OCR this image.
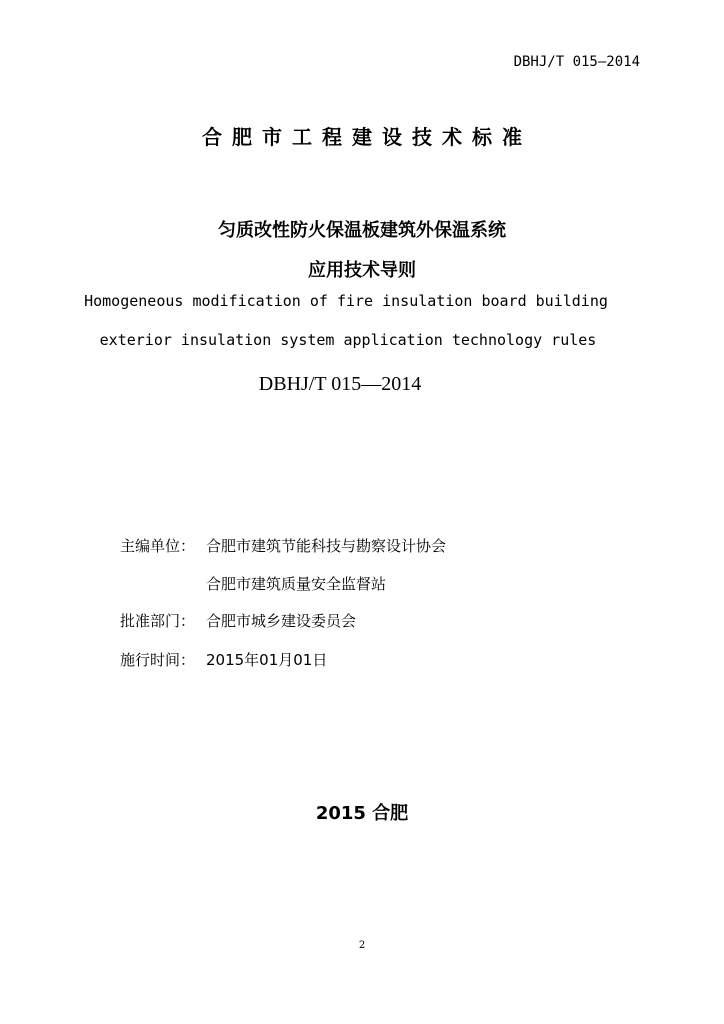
DBHJ/T 015—2014
合肥市工程建设技术标准
匀质改性防火保温板建筑外保温系统
应用技术导则
Homogeneous modification of fire insulation board building
exterior insulation system application technology rules
DBHJ/T 015—2014
主编单位： 合肥市建筑节能科技与勘察设计协会
合肥市建筑质量安全监督站
批准部门： 合肥市城乡建设委员会
施行时间： 2015年01月01日
2015 合肥
2
